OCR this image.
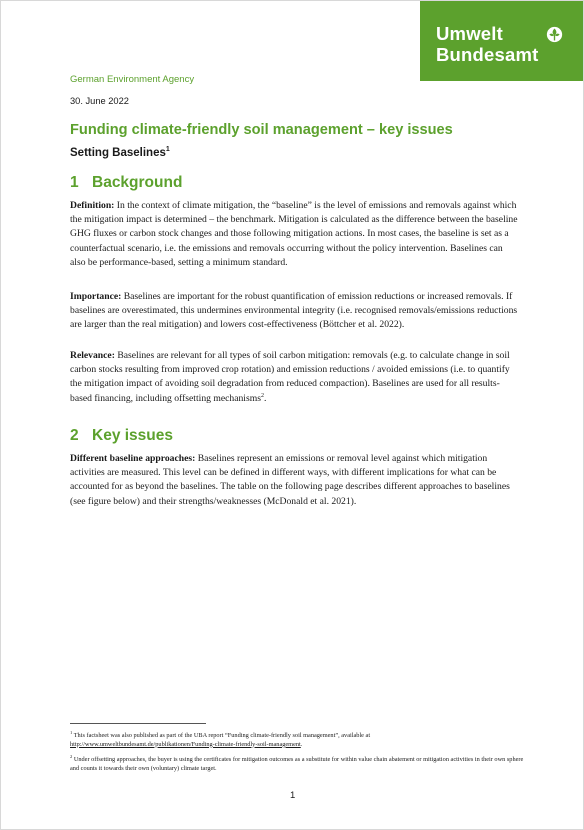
Umwelt
Bundesamt
German Environment Agency
30. June 2022
Funding climate-friendly soil management – key issues
Setting Baselines$^1$
1 Background

Definition: In the context of climate mitigation, the “baseline” is the level of emissions and removals against which the mitigation impact is determined – the benchmark. Mitigation is calculated as the difference between the baseline GHG fluxes or carbon stock changes and those following mitigation actions. In most cases, the baseline is set as a counterfactual scenario, i.e. the emissions and removals occurring without the policy intervention. Baselines can also be performance-based, setting a minimum standard.

Importance: Baselines are important for the robust quantification of emission reductions or increased removals. If baselines are overestimated, this undermines environmental integrity (i.e. recognised removals/emissions reductions are larger than the real mitigation) and lowers cost-effectiveness (Böttcher et al. 2022).

Relevance: Baselines are relevant for all types of soil carbon mitigation: removals (e.g. to calculate change in soil carbon stocks resulting from improved crop rotation) and emission reductions / avoided emissions (i.e. to quantify the mitigation impact of avoiding soil degradation from reduced compaction). Baselines are used for all results-based financing, including offsetting mechanisms$^2$.

2 Key issues

Different baseline approaches: Baselines represent an emissions or removal level against which mitigation activities are measured. This level can be defined in different ways, with different implications for what can be accounted for as beyond the baselines. The table on the following page describes different approaches to baselines (see figure below) and their strengths/weaknesses (McDonald et al. 2021).

$^1$ This factsheet was also published as part of the UBA report “Funding climate-friendly soil management”, available at
http://www.umweltbundesamt.de/publikationen/Funding-climate-friendly-soil-management.

$^2$ Under offsetting approaches, the buyer is using the certificates for mitigation outcomes as a substitute for within value chain abatement or mitigation activities in their own sphere and counts it towards their own (voluntary) climate target.

1
